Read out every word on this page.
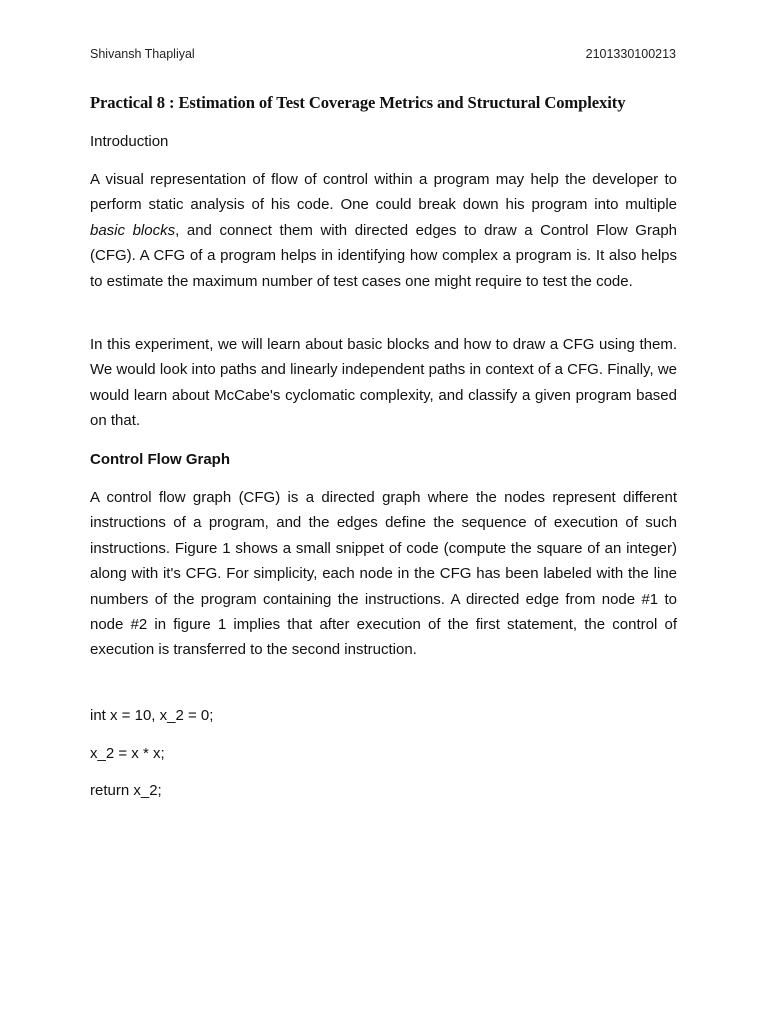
Shivansh Thapliyal	2101330100213
Practical 8 : Estimation of Test Coverage Metrics and Structural Complexity
Introduction
A visual representation of flow of control within a program may help the developer to perform static analysis of his code. One could break down his program into multiple basic blocks, and connect them with directed edges to draw a Control Flow Graph (CFG). A CFG of a program helps in identifying how complex a program is. It also helps to estimate the maximum number of test cases one might require to test the code.
In this experiment, we will learn about basic blocks and how to draw a CFG using them. We would look into paths and linearly independent paths in context of a CFG. Finally, we would learn about McCabe's cyclomatic complexity, and classify a given program based on that.
Control Flow Graph
A control flow graph (CFG) is a directed graph where the nodes represent different instructions of a program, and the edges define the sequence of execution of such instructions. Figure 1 shows a small snippet of code (compute the square of an integer) along with it's CFG. For simplicity, each node in the CFG has been labeled with the line numbers of the program containing the instructions. A directed edge from node #1 to node #2 in figure 1 implies that after execution of the first statement, the control of execution is transferred to the second instruction.
int x = 10, x_2 = 0;
x_2 = x * x;
return x_2;
